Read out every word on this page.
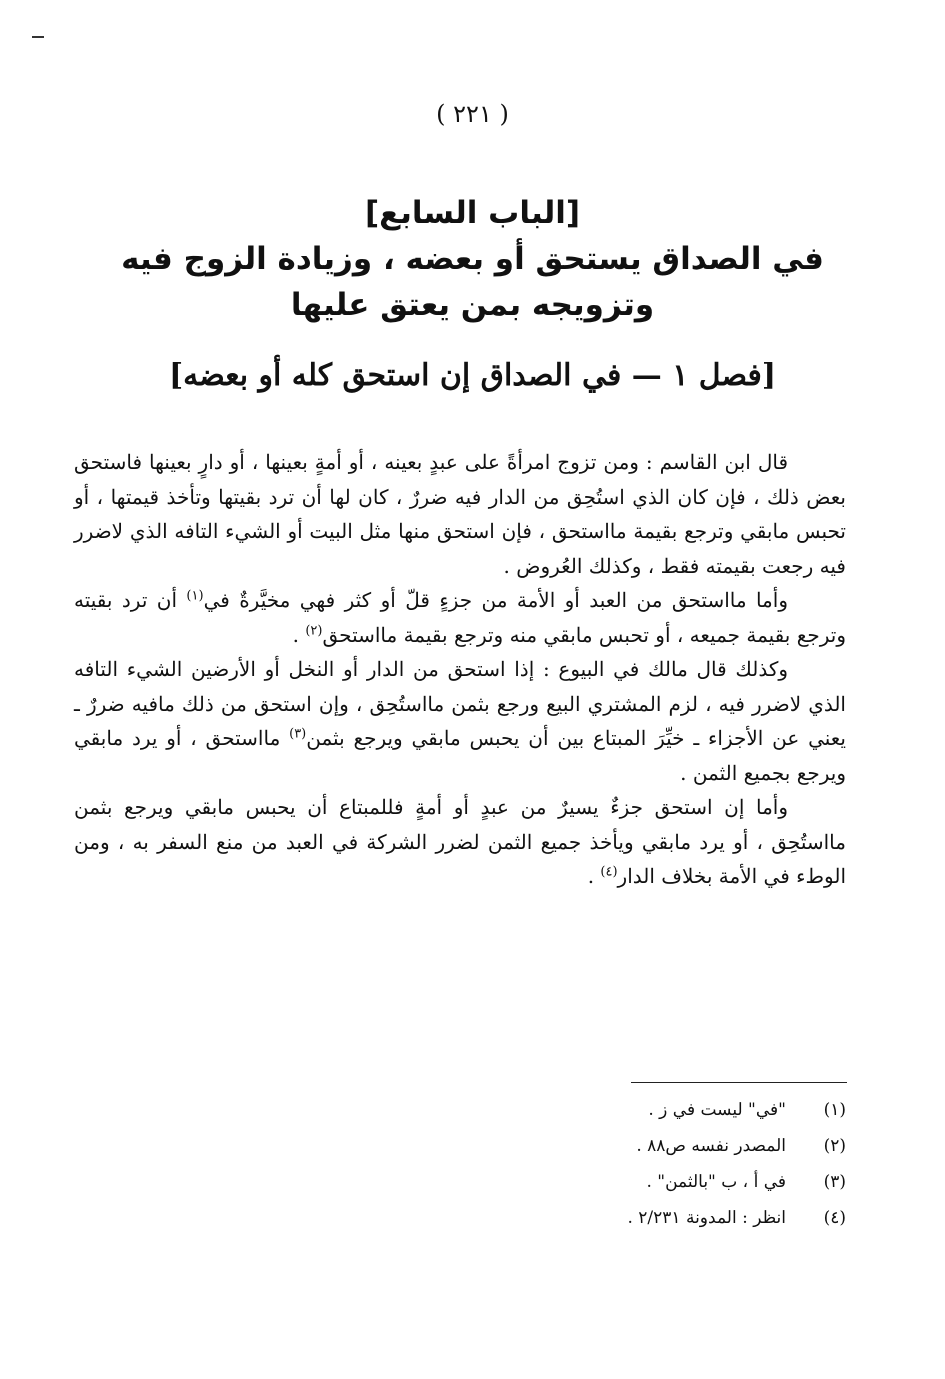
( ٢٢١ )
[الباب السابع]
في الصداق يستحق أو بعضه ، وزيادة الزوج فيه
وتزويجه بمن يعتق عليها
[فصل ١ — في الصداق إن استحق كله أو بعضه]

قال ابن القاسم : ومن تزوج امرأةً على عبدٍ بعينه ، أو أمةٍ بعينها ، أو دارٍ بعينها فاستحق بعض ذلك ، فإن كان الذي استُحِق من الدار فيه ضررٌ ، كان لها أن ترد بقيتها وتأخذ قيمتها ، أو تحبس مابقي وترجع بقيمة مااستحق ، فإن استحق منها مثل البيت أو الشيء التافه الذي لاضرر فيه رجعت بقيمته فقط ، وكذلك العُروض .

وأما مااستحق من العبد أو الأمة من جزءٍ قلّ أو كثر فهي مخيَّرةٌ في$^{(١)}$ أن ترد بقيته وترجع بقيمة جميعه ، أو تحبس مابقي منه وترجع بقيمة مااستحق$^{(٢)}$ .

وكذلك قال مالك في البيوع : إذا استحق من الدار أو النخل أو الأرضين الشيء التافه الذي لاضرر فيه ، لزم المشتري البيع ورجع بثمن مااستُحِق ، وإن استحق من ذلك مافيه ضررٌ ـ يعني عن الأجزاء ـ خيِّرَ المبتاع بين أن يحبس مابقي ويرجع بثمن$^{(٣)}$ مااستحق ، أو يرد مابقي ويرجع بجميع الثمن .

وأما إن استحق جزءٌ يسيرٌ من عبدٍ أو أمةٍ فللمبتاع أن يحبس مابقي ويرجع بثمن مااستُحِق ، أو يرد مابقي ويأخذ جميع الثمن لضرر الشركة في العبد من منع السفر به ، ومن الوطء في الأمة بخلاف الدار$^{(٤)}$ .

(١)
"في" ليست في ز .
(٢)
المصدر نفسه ص٨٨ .
(٣)
في أ ، ب "بالثمن" .
(٤)
انظر : المدونة ٢/٢٣١ .
